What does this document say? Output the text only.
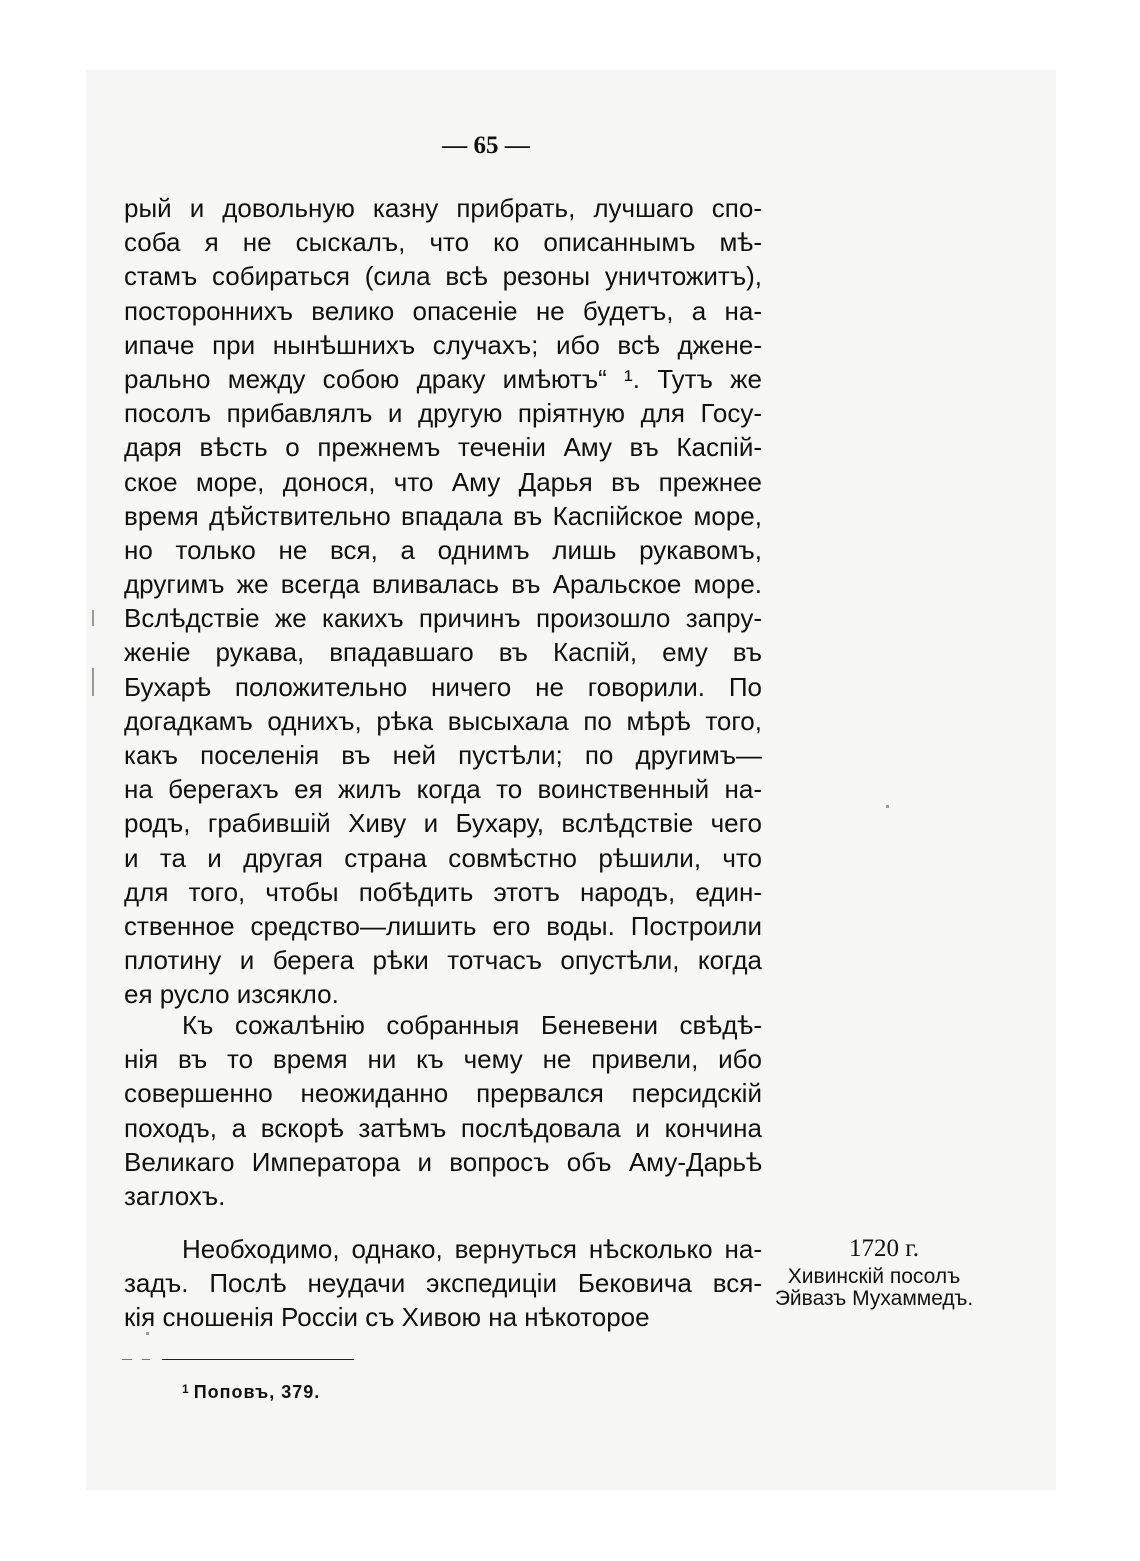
— 65 —
рый и довольную казну прибрать, лучшаго спо-
соба я не сыскалъ, что ко описаннымъ мѣ-
стамъ собираться (сила всѣ резоны уничтожитъ),
постороннихъ велико опасеніе не будетъ, а на-
ипаче при нынѣшнихъ случахъ; ибо всѣ джене-
рально между собою драку имѣютъ“ ¹. Тутъ же
посолъ прибавлялъ и другую пріятную для Госу-
даря вѣсть о прежнемъ теченіи Аму въ Каспій-
ское море, донося, что Аму Дарья въ прежнее
время дѣйствительно впадала въ Каспійское море,
но только не вся, а однимъ лишь рукавомъ,
другимъ же всегда вливалась въ Аральское море.
Вслѣдствіе же какихъ причинъ произошло запру-
женіе рукава, впадавшаго въ Каспій, ему въ
Бухарѣ положительно ничего не говорили. По
догадкамъ однихъ, рѣка высыхала по мѣрѣ того,
какъ поселенія въ ней пустѣли; по другимъ—
на берегахъ ея жилъ когда то воинственный на-
родъ, грабившій Хиву и Бухару, вслѣдствіе чего
и та и другая страна совмѣстно рѣшили, что
для того, чтобы побѣдить этотъ народъ, един-
ственное средство—лишить его воды. Построили
плотину и берега рѣки тотчасъ опустѣли, когда
ея русло изсякло.
Къ сожалѣнію собранныя Беневени свѣдѣ-
нія въ то время ни къ чему не привели, ибо
совершенно неожиданно прервался персидскій
походъ, а вскорѣ затѣмъ послѣдовала и кончина
Великаго Императора и вопросъ объ Аму-Дарьѣ
заглохъ.
Необходимо, однако, вернуться нѣсколько на-
задъ. Послѣ неудачи экспедиціи Бековича вся-
кія сношенія Россіи съ Хивою на нѣкоторое
1720 г.
Хивинскій посолъ
Эйвазъ Мухаммедъ.
$^1$ Поповъ, 379.
